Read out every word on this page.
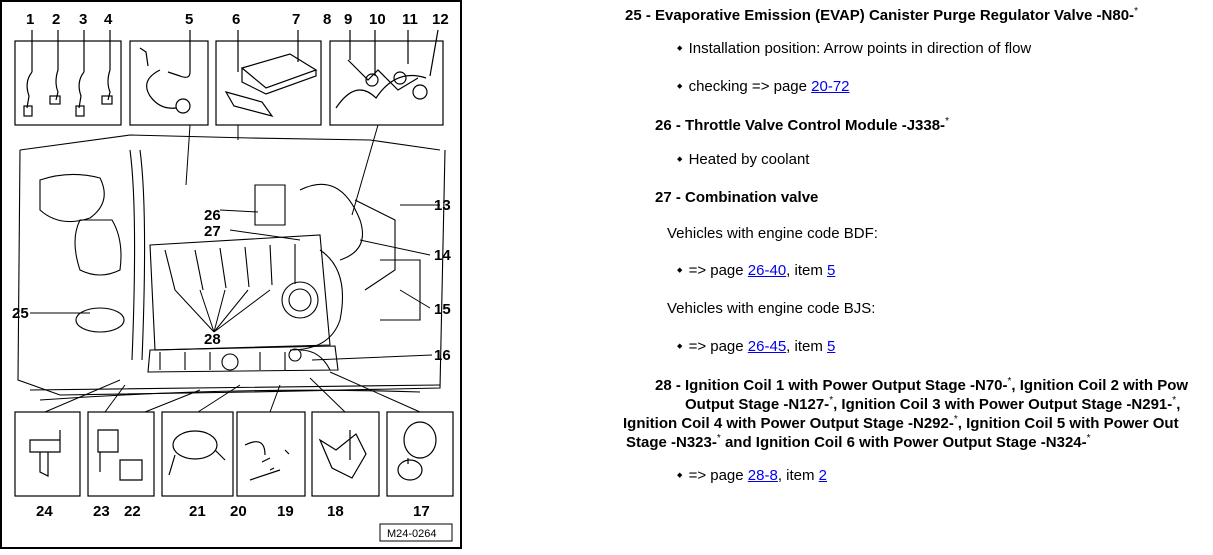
1 2 3 4	5	6	7 8 9 10 11 12
13
14
15
16
25
26
27
28
24	23 22	21 20 19 18	17
M24-0264
25 - Evaporative Emission (EVAP) Canister Purge Regulator Valve -N80-*
◆ Installation position: Arrow points in direction of flow
◆ checking => page 20-72
26 - Throttle Valve Control Module -J338-*
◆ Heated by coolant
27 - Combination valve
Vehicles with engine code BDF:
◆ => page 26-40, item 5
Vehicles with engine code BJS:
◆ => page 26-45, item 5
28 - Ignition Coil 1 with Power Output Stage -N70-*, Ignition Coil 2 with Pow
Output Stage -N127-*, Ignition Coil 3 with Power Output Stage -N291-*,
Ignition Coil 4 with Power Output Stage -N292-*, Ignition Coil 5 with Power Out
Stage -N323-* and Ignition Coil 6 with Power Output Stage -N324-*
◆ => page 28-8, item 2
